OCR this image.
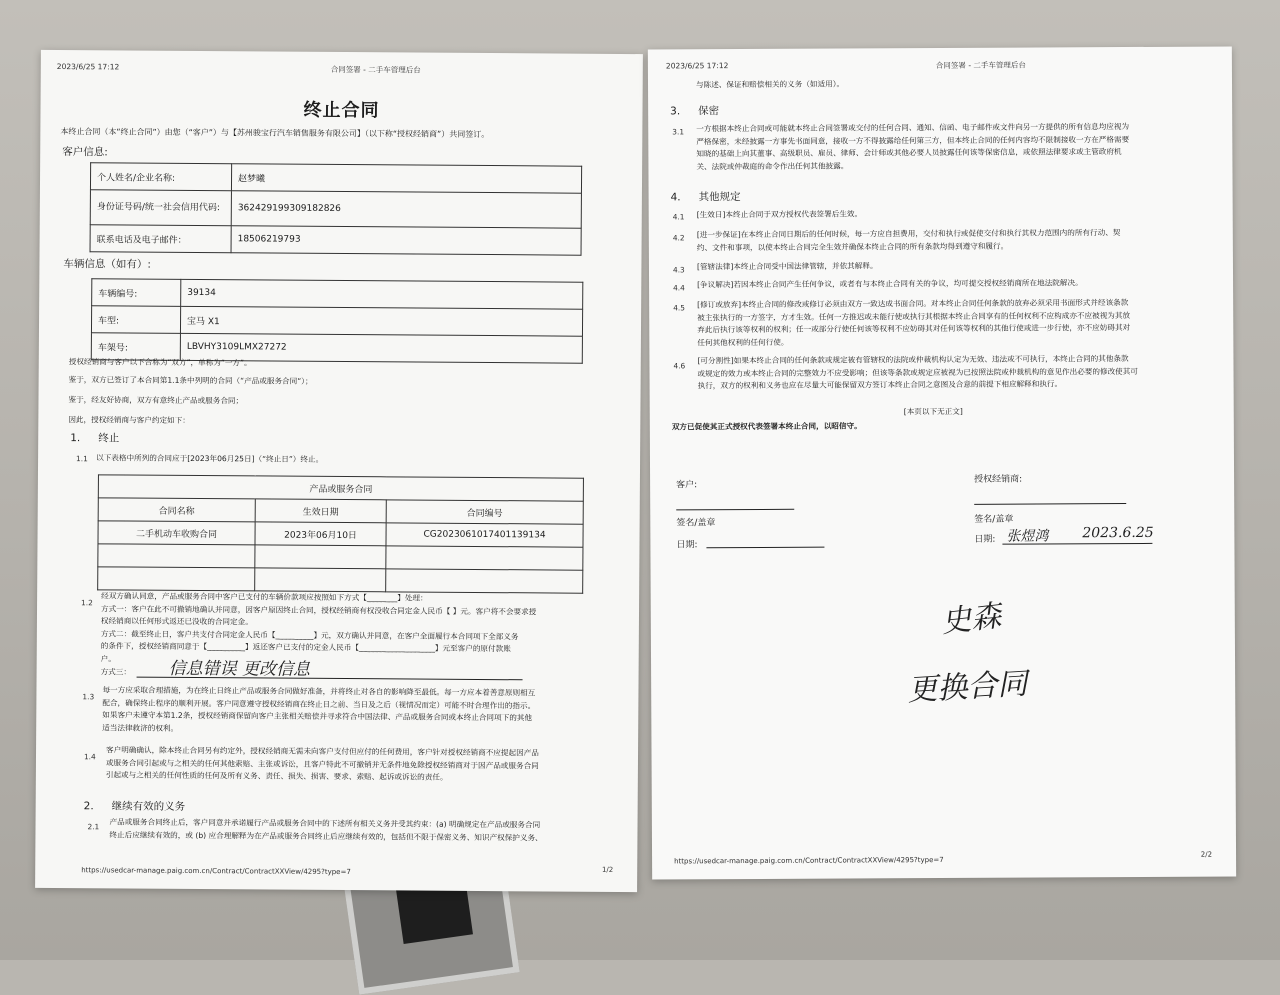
2023/6/25 17:12	合同签署 - 二手车管理后台
终止合同
本终止合同（本“终止合同”）由您（“客户”）与【苏州骏宝行汽车销售服务有限公司】（以下称“授权经销商”）共同签订。
客户信息:
个人姓名/企业名称:	赵梦曦
身份证号码/统一社会信用代码:	362429199309182826
联系电话及电子邮件：	18506219793
车辆信息（如有）:
车辆编号:	39134
车型:	宝马 X1
车架号:	LBVHY3109LMX27272
授权经销商与客户以下合称为“双方”，单称为“一方”。
鉴于，双方已签订了本合同第1.1条中列明的合同（“产品或服务合同”）；
鉴于，经友好协商，双方有意终止产品或服务合同；
因此，授权经销商与客户约定如下：
1. 终止
1.1 以下表格中所列的合同应于[2023年06月25日]（“终止日”）终止。
产品或服务合同		
合同名称	生效日期	合同编号
二手机动车收购合同	2023年06月10日	CG2023061017401139134

1.2
经双方确认同意，产品或服务合同中客户已支付的车辆价款项应按照如下方式【________】处理：
方式一：客户在此不可撤销地确认并同意，因客户原因终止合同，授权经销商有权没收合同定金人民币【 】元。客户将不会要求授
权经销商以任何形式返还已没收的合同定金。
方式二：截至终止日，客户共支付合同定金人民币【__________】元，双方确认并同意，在客户全面履行本合同项下全部义务
的条件下，授权经销商同意于【__________】返还客户已支付的定金人民币【____________________】元至客户的原付款账
户。
方式三：	信息错误 更改信息
1.3 每一方应采取合理措施，为在终止日终止产品或服务合同做好准备，并将终止对各自的影响降至最低。每一方应本着善意原则相互
配合，确保终止程序的顺利开展。客户同意遵守授权经销商在终止日之前、当日及之后（视情况而定）可能不时合理作出的指示。
如果客户未遵守本第1.2条，授权经销商保留向客户主张相关赔偿并寻求符合中国法律、产品或服务合同或本终止合同项下的其他
适当法律救济的权利。
1.4 客户明确确认，除本终止合同另有约定外，授权经销商无需未向客户支付但应付的任何费用，客户针对授权经销商不应提起因产品
或服务合同引起或与之相关的任何其他索赔、主张或诉讼，且客户特此不可撤销并无条件地免除授权经销商对于因产品或服务合同
引起或与之相关的任何性质的任何及所有义务、责任、损失、损害、要求、索赔、起诉或诉讼的责任。
2. 继续有效的义务
2.1 产品或服务合同终止后，客户同意并承诺履行产品或服务合同中的下述所有相关义务并受其约束：(a) 明确规定在产品或服务合同
终止后应继续有效的，或 (b) 应合理解释为在产品或服务合同终止后应继续有效的，包括但不限于保密义务、知识产权保护义务、
1/2
https://usedcar-manage.paig.com.cn/Contract/ContractXXView/4295?type=7
2023/6/25 17:12	合同签署 - 二手车管理后台
与陈述、保证和赔偿相关的义务（如适用）。
3. 保密
3.1 一方根据本终止合同或可能就本终止合同签署或交付的任何合同、通知、信函、电子邮件或文件向另一方提供的所有信息均应视为
严格保密，未经披露一方事先书面同意，接收一方不得披露给任何第三方，但本终止合同的任何内容均不限制接收一方在严格需要
知晓的基础上向其董事、高级职员、雇员、律师、会计师或其他必要人员披露任何该等保密信息，或依照法律要求或主管政府机
关、法院或仲裁庭的命令作出任何其他披露。
4. 其他规定
4.1 [生效日]本终止合同于双方授权代表签署后生效。
4.2 [进一步保证]在本终止合同日期后的任何时候，每一方应自担费用，交付和执行或促使交付和执行其权力范围内的所有行动、契
约、文件和事项，以使本终止合同完全生效并确保本终止合同的所有条款均得到遵守和履行。
4.3 [管辖法律]本终止合同受中国法律管辖，并依其解释。
4.4 [争议解决]若因本终止合同产生任何争议，或者有与本终止合同有关的争议，均可提交授权经销商所在地法院解决。
4.5 [修订或放弃]本终止合同的修改或修订必须由双方一致达成书面合同。对本终止合同任何条款的放弃必须采用书面形式并经该条款
被主张执行的一方签字，方才生效。任何一方推迟或未能行使或执行其根据本终止合同享有的任何权利不应构成亦不应被视为其放
弃此后执行该等权利的权利；任一或部分行使任何该等权利不应妨碍其对任何该等权利的其他行使或进一步行使，亦不应妨碍其对
任何其他权利的任何行使。
4.6
[可分割性]如果本终止合同的任何条款或规定被有管辖权的法院或仲裁机构认定为无效、违法或不可执行，本终止合同的其他条款
或规定的效力或本终止合同的完整效力不应受影响；但该等条款或规定应被视为已按照法院或仲裁机构的意见作出必要的修改使其可
执行，双方的权利和义务也应在尽量大可能保留双方签订本终止合同之意图及合意的前提下相应解释和执行。
[本页以下无正文]
双方已促使其正式授权代表签署本终止合同，以昭信守。
客户:
签名/盖章
日期:
授权经销商:
签名/盖章
日期: 张煜鸿 2023.6.25
史森
更换合同
2/2
https://usedcar-manage.paig.com.cn/Contract/ContractXXView/4295?type=7
